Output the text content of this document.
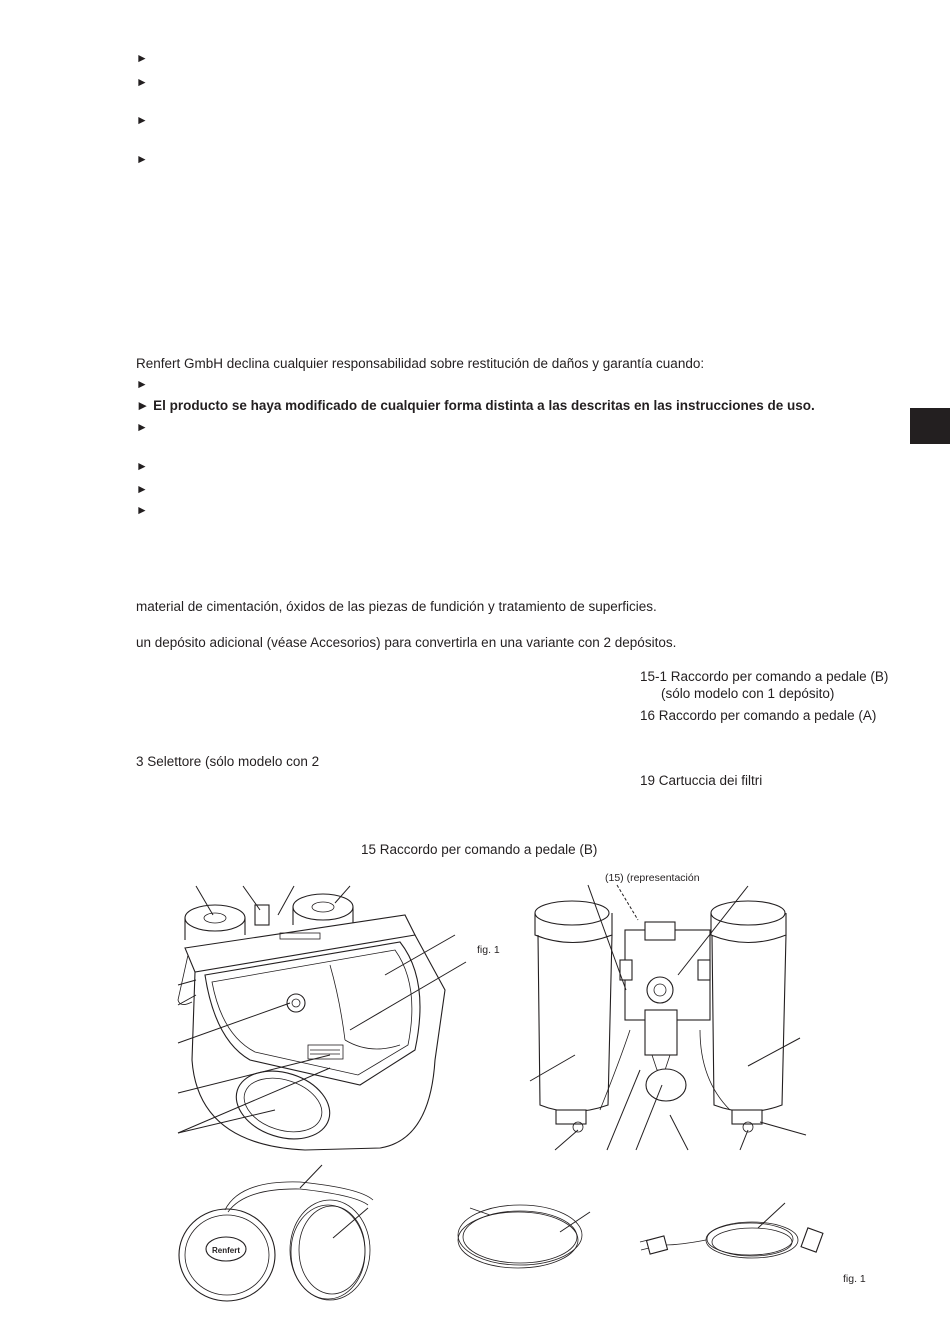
►
►
►
►
Renfert GmbH declina cualquier responsabilidad sobre restitución de daños y garantía cuando:
►
► El producto se haya modificado de cualquier forma distinta a las descritas en las instrucciones de uso.
►
►
►
►
material de cimentación, óxidos de las piezas de fundición y tratamiento de superficies.
un depósito adicional (véase Accesorios) para convertirla en una variante con 2 depósitos.
15-1 Raccordo per comando a pedale (B)
(sólo modelo con 1 depósito)
16 Raccordo per comando a pedale (A)
3 Selettore (sólo modelo con 2
19 Cartuccia dei filtri
15 Raccordo per comando a pedale (B)
(15) (representación
fig. 1
fig. 1
Renfert
